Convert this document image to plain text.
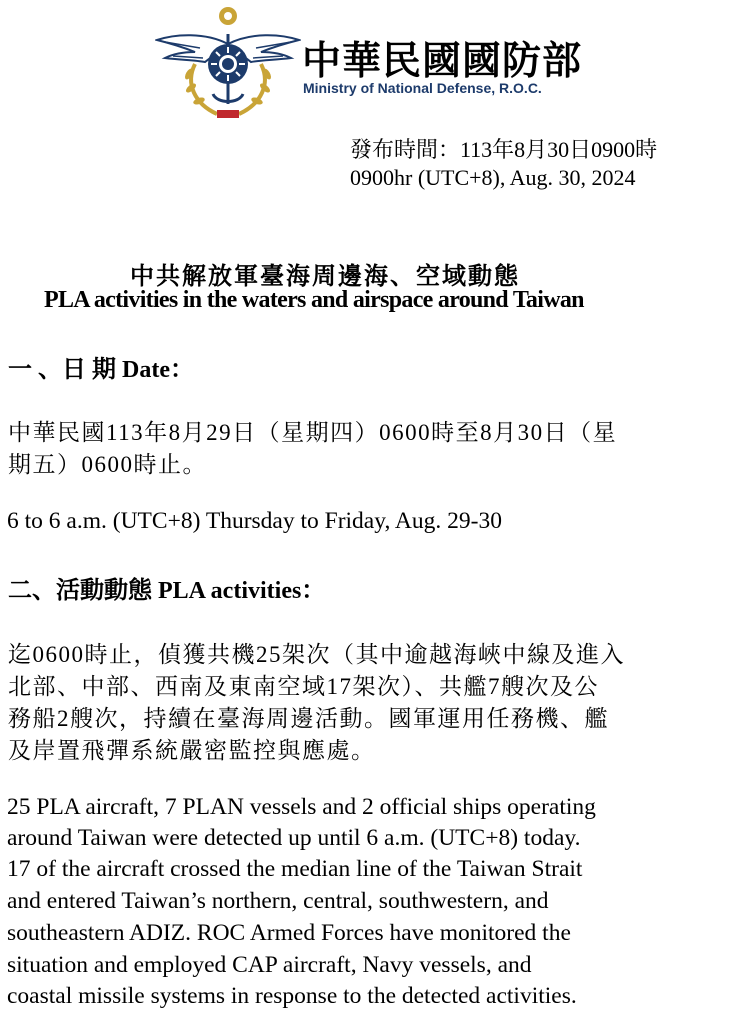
中華民國國防部
Ministry of National Defense, R.O.C.
發布時間：113年8月30日0900時
0900hr (UTC+8), Aug. 30, 2024
中共解放軍臺海周邊海、空域動態
PLA activities in the waters and airspace around Taiwan
一 、日 期 Date：
中華民國113年8月29日（星期四）0600時至8月30日（星
期五）0600時止。
6 to 6 a.m. (UTC+8) Thursday to Friday, Aug. 29-30
二、活動動態 PLA activities：
迄0600時止，偵獲共機25架次（其中逾越海峽中線及進入
北部、中部、西南及東南空域17架次）、共艦7艘次及公
務船2艘次，持續在臺海周邊活動。國軍運用任務機、艦
及岸置飛彈系統嚴密監控與應處。
25 PLA aircraft, 7 PLAN vessels and 2 official ships operating
around Taiwan were detected up until 6 a.m. (UTC+8) today.
17 of the aircraft crossed the median line of the Taiwan Strait
and entered Taiwan’s northern, central, southwestern, and
southeastern ADIZ. ROC Armed Forces have monitored the
situation and employed CAP aircraft, Navy vessels, and
coastal missile systems in response to the detected activities.
